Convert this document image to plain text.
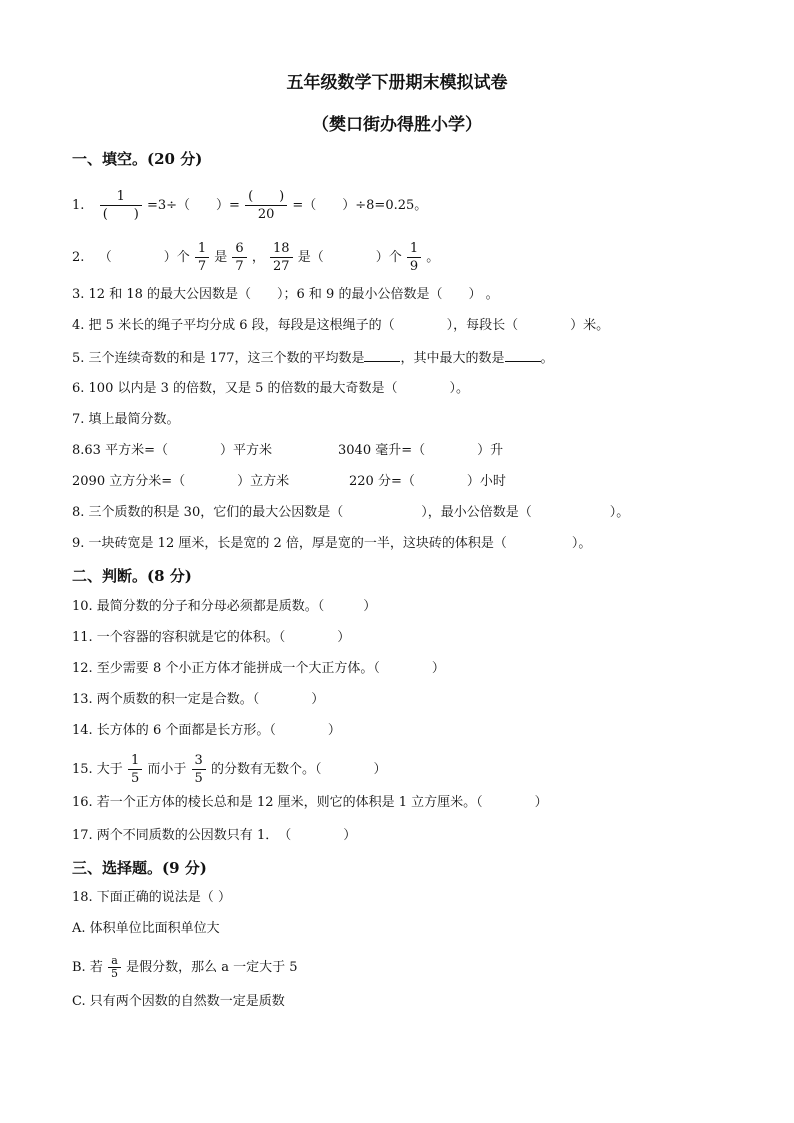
五年级数学下册期末模拟试卷
（樊口街办得胜小学）
一、填空。(20 分)
1. $\frac{1}{( )} =3\div$（　　）= $\frac{( )}{20}$ =（　　）÷8=0.25。
2. （　　　　）个 $\frac{1}{7}$ 是 $\frac{6}{7}$ ， $\frac{18}{27}$ 是（　　　　）个 $\frac{1}{9}$ 。
3. 12 和 18 的最大公因数是（　　）；6 和 9 的最小公倍数是（　　） 。
4. 把 5 米长的绳子平均分成 6 段，每段是这根绳子的（　　　　），每段长（　　　　）米。
5. 三个连续奇数的和是 177，这三个数的平均数是	，其中最大的数是	。
6. 100 以内是 3 的倍数，又是 5 的倍数的最大奇数是（　　　　）。
7. 填上最简分数。
8.63 平方米=（　　　　）平方米	3040 毫升=（　　　　）升
2090 立方分米=（　　　　）立方米	220 分=（　　　　）小时
8. 三个质数的积是 30，它们的最大公因数是（　　　　　　），最小公倍数是（　　　　　　）。
9. 一块砖宽是 12 厘米，长是宽的 2 倍，厚是宽的一半，这块砖的体积是（　　　　　）。
二、判断。(8 分)
10. 最简分数的分子和分母必须都是质数。（　　　）
11. 一个容器的容积就是它的体积。（　　　　）
12. 至少需要 8 个小正方体才能拼成一个大正方体。（　　　　）
13. 两个质数的积一定是合数。（　　　　）
14. 长方体的 6 个面都是长方形。（　　　　）
15. 大于 $\frac{1}{5}$ 而小于 $\frac{3}{5}$ 的分数有无数个。（　　　　）
16. 若一个正方体的棱长总和是 12 厘米，则它的体积是 1 立方厘米。（　　　　）
17. 两个不同质数的公因数只有 1．　（　　　　）
三、选择题。(9 分)
18. 下面正确的说法是（ ）
A. 体积单位比面积单位大
B. 若 $\frac{a}{5}$ 是假分数，那么 a 一定大于 5
C. 只有两个因数的自然数一定是质数
